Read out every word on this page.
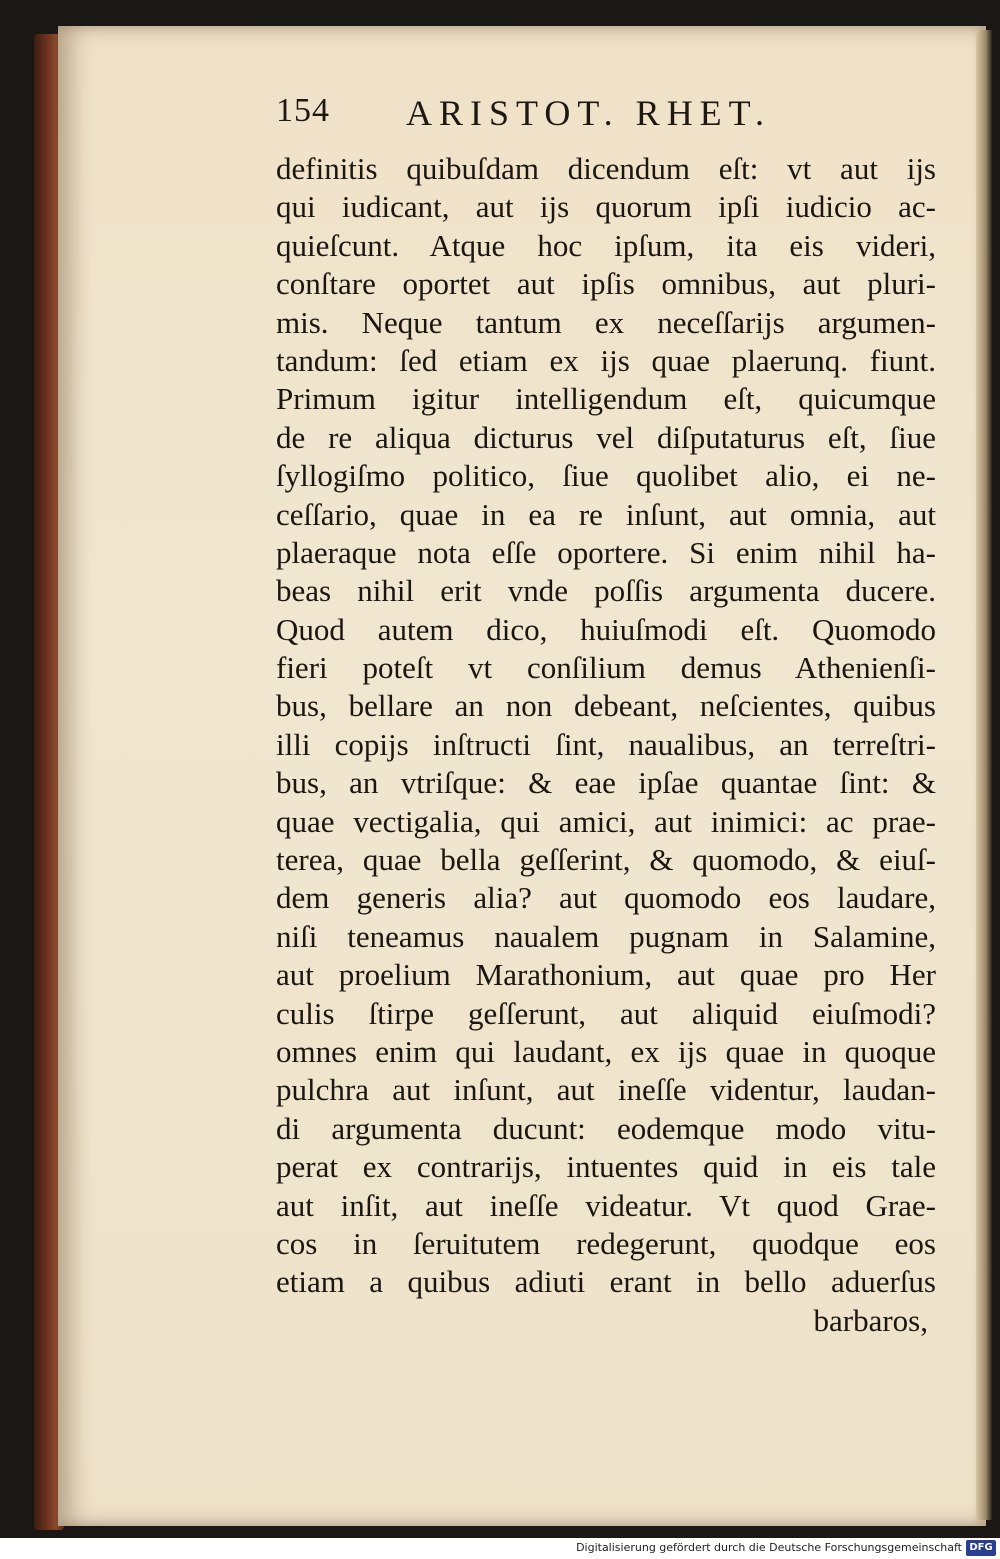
154 ARISTOT. RHET.
definitis quibuſdam dicendum eſt: vt aut ijs
qui iudicant, aut ijs quorum ipſi iudicio ac-
quieſcunt. Atque hoc ipſum, ita eis videri,
conſtare oportet aut ipſis omnibus, aut pluri-
mis. Neque tantum ex neceſſarijs argumen-
tandum: ſed etiam ex ijs quae plaerunq. fiunt.
Primum igitur intelligendum eſt, quicumque
de re aliqua dicturus vel diſputaturus eſt, ſiue
ſyllogiſmo politico, ſiue quolibet alio, ei ne-
ceſſario, quae in ea re inſunt, aut omnia, aut
plaeraque nota eſſe oportere. Si enim nihil ha-
beas nihil erit vnde poſſis argumenta ducere.
Quod autem dico, huiuſmodi eſt. Quomodo
fieri poteſt vt conſilium demus Athenienſi-
bus, bellare an non debeant, neſcientes, quibus
illi copijs inſtructi ſint, naualibus, an terreſtri-
bus, an vtriſque: & eae ipſae quantae ſint: &
quae vectigalia, qui amici, aut inimici: ac prae-
terea, quae bella geſſerint, & quomodo, & eiuſ-
dem generis alia? aut quomodo eos laudare,
niſi teneamus naualem pugnam in Salamine,
aut proelium Marathonium, aut quae pro Her
culis ſtirpe geſſerunt, aut aliquid eiuſmodi?
omnes enim qui laudant, ex ijs quae in quoque
pulchra aut inſunt, aut ineſſe videntur, laudan-
di argumenta ducunt: eodemque modo vitu-
perat ex contrarijs, intuentes quid in eis tale
aut inſit, aut ineſſe videatur. Vt quod Grae-
cos in ſeruitutem redegerunt, quodque eos
etiam a quibus adiuti erant in bello aduerſus
barbaros,
Digitalisierung gefördert durch die Deutsche Forschungsgemeinschaft DFG
